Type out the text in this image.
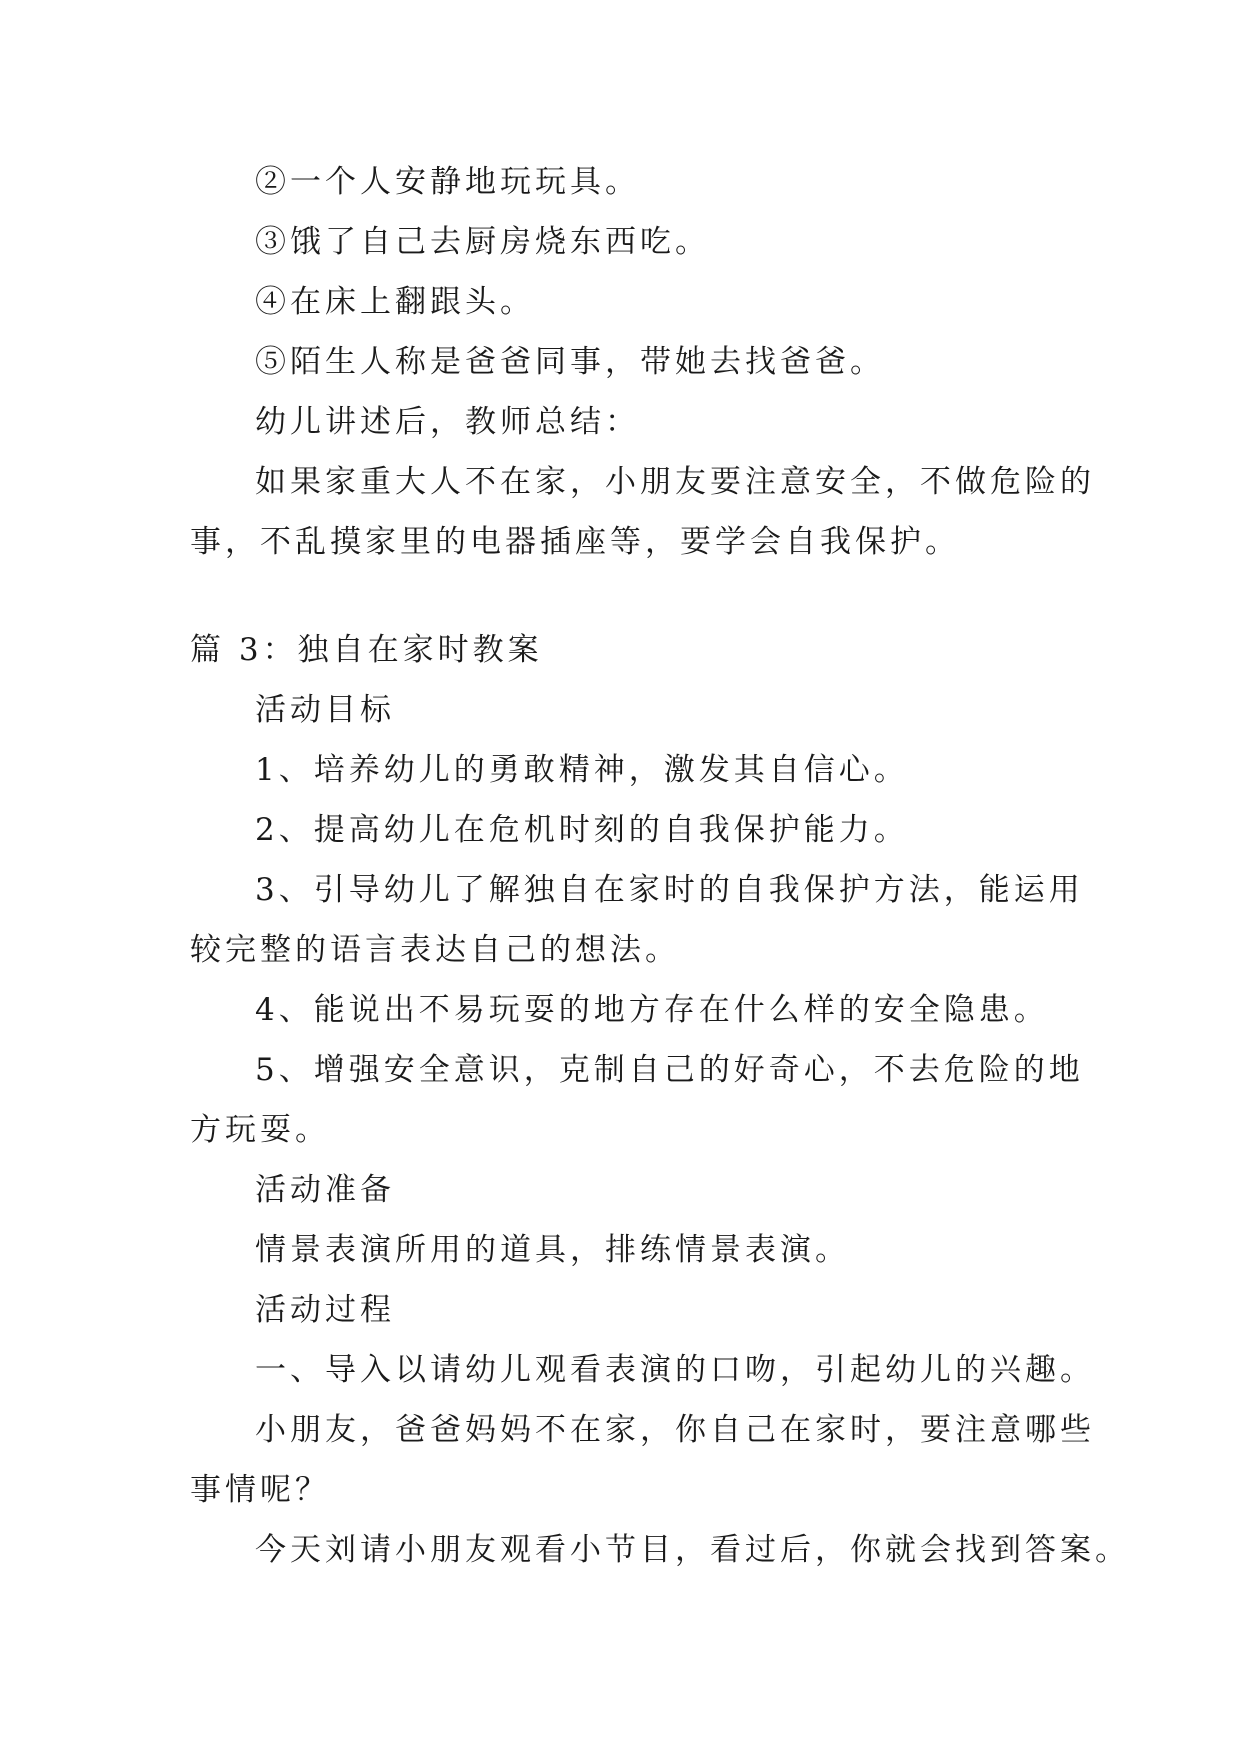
②一个人安静地玩玩具。
③饿了自己去厨房烧东西吃。
④在床上翻跟头。
⑤陌生人称是爸爸同事，带她去找爸爸。
幼儿讲述后，教师总结：
如果家重大人不在家，小朋友要注意安全，不做危险的
事，不乱摸家里的电器插座等，要学会自我保护。
篇 3：独自在家时教案
活动目标
1、培养幼儿的勇敢精神，激发其自信心。
2、提高幼儿在危机时刻的自我保护能力。
3、引导幼儿了解独自在家时的自我保护方法，能运用
较完整的语言表达自己的想法。
4、能说出不易玩耍的地方存在什么样的安全隐患。
5、增强安全意识，克制自己的好奇心，不去危险的地
方玩耍。
活动准备
情景表演所用的道具，排练情景表演。
活动过程
一、导入以请幼儿观看表演的口吻，引起幼儿的兴趣。
小朋友，爸爸妈妈不在家，你自己在家时，要注意哪些
事情呢？
今天刘请小朋友观看小节目，看过后，你就会找到答案。
